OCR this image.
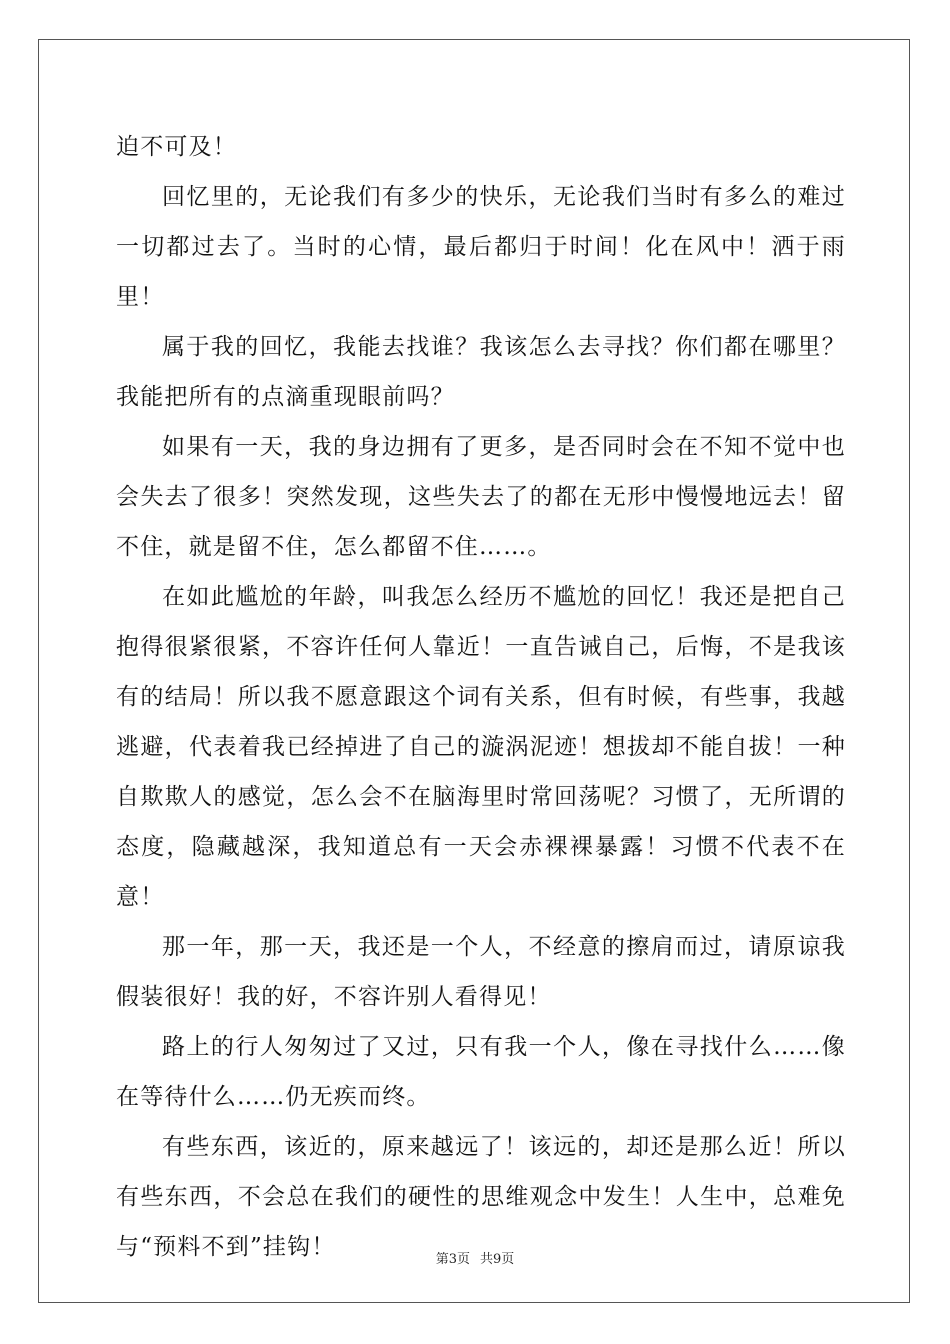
迫不可及！

回忆里的，无论我们有多少的快乐，无论我们当时有多么的难过一切都过去了。当时的心情，最后都归于时间！化在风中！洒于雨里！

属于我的回忆，我能去找谁？我该怎么去寻找？你们都在哪里？我能把所有的点滴重现眼前吗？

如果有一天，我的身边拥有了更多，是否同时会在不知不觉中也会失去了很多！突然发现，这些失去了的都在无形中慢慢地远去！留不住，就是留不住，怎么都留不住……。

在如此尴尬的年龄，叫我怎么经历不尴尬的回忆！我还是把自己抱得很紧很紧，不容许任何人靠近！一直告诫自己，后悔，不是我该有的结局！所以我不愿意跟这个词有关系，但有时候，有些事，我越逃避，代表着我已经掉进了自己的漩涡泥迹！想拔却不能自拔！一种自欺欺人的感觉，怎么会不在脑海里时常回荡呢？习惯了，无所谓的态度，隐藏越深，我知道总有一天会赤裸裸暴露！习惯不代表不在意！

那一年，那一天，我还是一个人，不经意的擦肩而过，请原谅我假装很好！我的好，不容许别人看得见！

路上的行人匆匆过了又过，只有我一个人，像在寻找什么……像在等待什么……仍无疾而终。

有些东西，该近的，原来越远了！该远的，却还是那么近！所以有些东西，不会总在我们的硬性的思维观念中发生！人生中，总难免与“预料不到”挂钩！	第3页 共9页
